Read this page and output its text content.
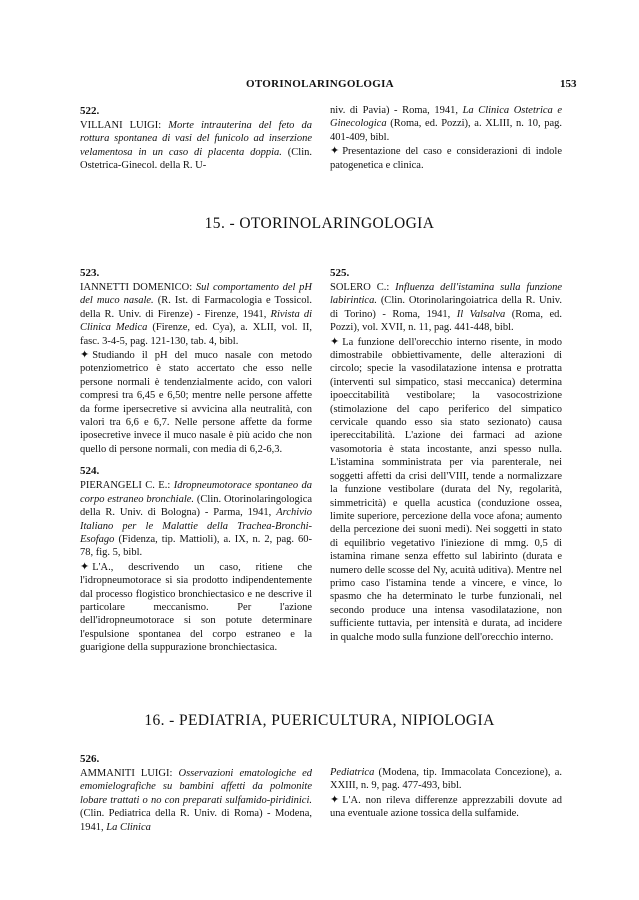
OTORINOLARINGOLOGIA	153
522.

VILLANI LUIGI: Morte intrauterina del feto da rottura spontanea di vasi del funicolo ad inserzione velamentosa in un caso di placenta doppia. (Clin. Ostetrica-Ginecol. della R. U-

niv. di Pavia) - Roma, 1941, La Clinica Ostetrica e Ginecologica (Roma, ed. Pozzi), a. XLIII, n. 10, pag. 401-409, bibl.

✦ Presentazione del caso e considerazioni di indole patogenetica e clinica.

15. - OTORINOLARINGOLOGIA
523.

IANNETTI DOMENICO: Sul comportamento del pH del muco nasale. (R. Ist. di Farmacologia e Tossicol. della R. Univ. di Firenze) - Firenze, 1941, Rivista di Clinica Medica (Firenze, ed. Cya), a. XLII, vol. II, fasc. 3-4-5, pag. 121-130, tab. 4, bibl.

✦ Studiando il pH del muco nasale con metodo potenziometrico è stato accertato che esso nelle persone normali è tendenzialmente acido, con valori compresi tra 6,45 e 6,50; mentre nelle persone affette da forme ipersecretive si avvicina alla neutralità, con valori tra 6,6 e 6,7. Nelle persone affette da forme iposecretive invece il muco nasale è più acido che non quello di persone normali, con media di 6,2-6,3.

524.

PIERANGELI C. E.: Idropneumotorace spontaneo da corpo estraneo bronchiale. (Clin. Otorinolaringologica della R. Univ. di Bologna) - Parma, 1941, Archivio Italiano per le Malattie della Trachea-Bronchi-Esofago (Fidenza, tip. Mattioli), a. IX, n. 2, pag. 60-78, fig. 5, bibl.

✦ L'A., descrivendo un caso, ritiene che l'idropneumotorace si sia prodotto indipendentemente dal processo flogistico bronchiectasico e ne descrive il particolare meccanismo. Per l'azione dell'idropneumotorace si son potute determinare l'espulsione spontanea del corpo estraneo e la guarigione della suppurazione bronchiectasica.

525.

SOLERO C.: Influenza dell'istamina sulla funzione labirintica. (Clin. Otorinolaringoiatrica della R. Univ. di Torino) - Roma, 1941, Il Valsalva (Roma, ed. Pozzi), vol. XVII, n. 11, pag. 441-448, bibl.

✦ La funzione dell'orecchio interno risente, in modo dimostrabile obbiettivamente, delle alterazioni di circolo; specie la vasodilatazione intensa e protratta (interventi sul simpatico, stasi meccanica) determina ipoeccitabilità vestibolare; la vasocostrizione (stimolazione del capo periferico del simpatico cervicale quando esso sia stato sezionato) causa ipereccitabilità. L'azione dei farmaci ad azione vasomotoria è stata incostante, anzi spesso nulla. L'istamina somministrata per via parenterale, nei soggetti affetti da crisi dell'VIII, tende a normalizzare la funzione vestibolare (durata del Ny, regolarità, simmetricità) e quella acustica (conduzione ossea, limite superiore, percezione della voce afona; aumento della percezione dei suoni medi). Nei soggetti in stato di equilibrio vegetativo l'iniezione di mmg. 0,5 di istamina rimane senza effetto sul labirinto (durata e numero delle scosse del Ny, acuità uditiva). Mentre nel primo caso l'istamina tende a vincere, e vince, lo spasmo che ha determinato le turbe funzionali, nel secondo produce una intensa vasodilatazione, non sufficiente tuttavia, per intensità e durata, ad incidere in qualche modo sulla funzione dell'orecchio interno.

16. - PEDIATRIA, PUERICULTURA, NIPIOLOGIA
526.

AMMANITI LUIGI: Osservazioni ematologiche ed emomielografiche su bambini affetti da polmonite lobare trattati o no con preparati sulfamido-piridinici. (Clin. Pediatrica della R. Univ. di Roma) - Modena, 1941, La Clinica

Pediatrica (Modena, tip. Immacolata Concezione), a. XXIII, n. 9, pag. 477-493, bibl.

✦ L'A. non rileva differenze apprezzabili dovute ad una eventuale azione tossica della sulfamide.
